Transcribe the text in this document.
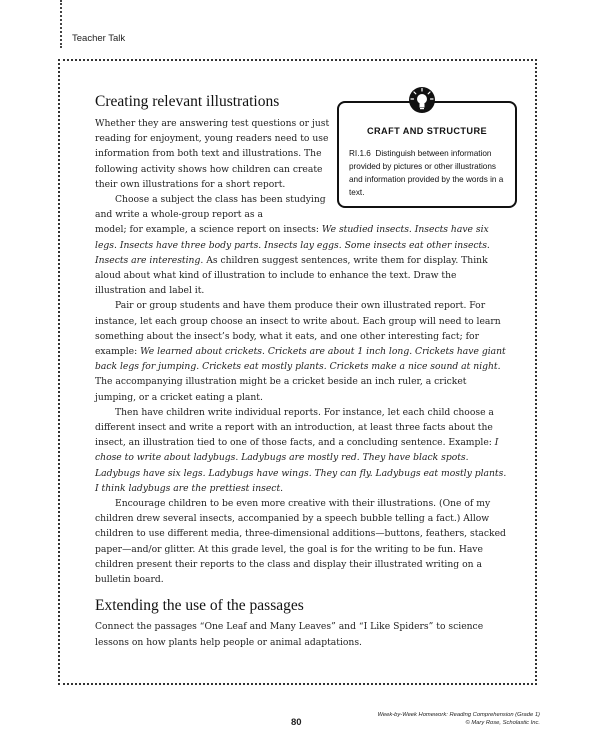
Teacher Talk
CRAFT AND STRUCTURE
RI.1.6 Distinguish between information provided by pictures or other illustrations and information provided by the words in a text.
Creating relevant illustrations

Whether they are answering test questions or just reading for enjoyment, young readers need to use information from both text and illustrations. The following activity shows how children can create their own illustrations for a short report.

Choose a subject the class has been studying and write a whole-group report as a

model; for example, a science report on insects: We studied insects. Insects have six legs. Insects have three body parts. Insects lay eggs. Some insects eat other insects. Insects are interesting. As children suggest sentences, write them for display. Think aloud about what kind of illustration to include to enhance the text. Draw the illustration and label it.

Pair or group students and have them produce their own illustrated report. For instance, let each group choose an insect to write about. Each group will need to learn something about the insect’s body, what it eats, and one other interesting fact; for example: We learned about crickets. Crickets are about 1 inch long. Crickets have giant back legs for jumping. Crickets eat mostly plants. Crickets make a nice sound at night. The accompanying illustration might be a cricket beside an inch ruler, a cricket jumping, or a cricket eating a plant.

Then have children write individual reports. For instance, let each child choose a different insect and write a report with an introduction, at least three facts about the insect, an illustration tied to one of those facts, and a concluding sentence. Example: I chose to write about ladybugs. Ladybugs are mostly red. They have black spots. Ladybugs have six legs. Ladybugs have wings. They can fly. Ladybugs eat mostly plants. I think ladybugs are the prettiest insect.

Encourage children to be even more creative with their illustrations. (One of my children drew several insects, accompanied by a speech bubble telling a fact.) Allow children to use different media, three-dimensional additions—buttons, feathers, stacked paper—and/or glitter. At this grade level, the goal is for the writing to be fun. Have children present their reports to the class and display their illustrated writing on a bulletin board.

Extending the use of the passages

Connect the passages “One Leaf and Many Leaves” and “I Like Spiders” to science lessons on how plants help people or animal adaptations.

80
Week-by-Week Homework: Reading Comprehension (Grade 1)
© Mary Rose, Scholastic Inc.
